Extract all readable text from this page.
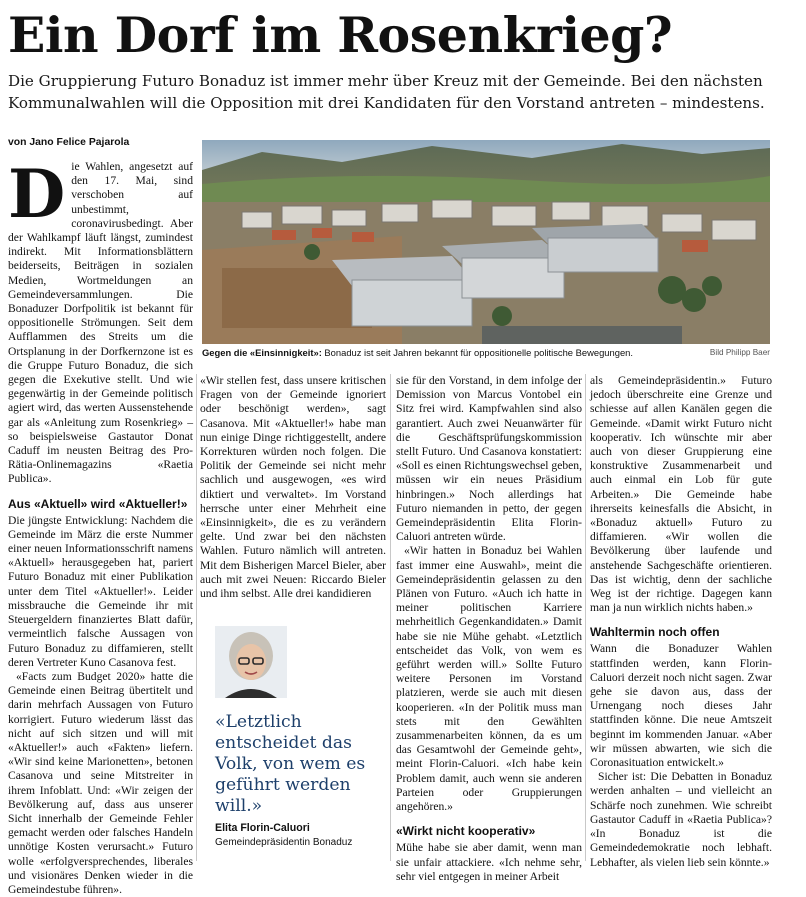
Ein Dorf im Rosenkrieg?
Die Gruppierung Futuro Bonaduz ist immer mehr über Kreuz mit der Gemeinde. Bei den nächsten Kommunalwahlen will die Opposition mit drei Kandidaten für den Vorstand antreten – mindestens.
von Jano Felice Pajarola
Gegen die «Einsinnigkeit»: Bonaduz ist seit Jahren bekannt für oppositionelle politische Bewegungen.	Bild Philipp Baer

Die Wahlen, angesetzt auf den 17. Mai, sind verschoben auf unbestimmt, coronavirusbedingt. Aber der Wahlkampf läuft längst, zumindest indirekt. Mit Informationsblättern beiderseits, Beiträgen in sozialen Medien, Wortmeldungen an Gemeindeversammlungen. Die Bonaduzer Dorfpolitik ist bekannt für oppositionelle Strömungen. Seit dem Aufflammen des Streits um die Ortsplanung in der Dorfkernzone ist es die Gruppe Futuro Bonaduz, die sich gegen die Exekutive stellt. Und wie gegenwärtig in der Gemeinde politisch agiert wird, das werten Aussenstehende gar als «Anleitung zum Rosenkrieg» – so beispielsweise Gastautor Donat Caduff im neusten Beitrag des Pro-Rätia-Onlinemagazins «Raetia Publica».

Aus «Aktuell» wird «Aktueller!»

Die jüngste Entwicklung: Nachdem die Gemeinde im März die erste Nummer einer neuen Informationsschrift namens «Aktuell» herausgegeben hat, pariert Futuro Bonaduz mit einer Publikation unter dem Titel «Aktueller!». Leider missbrauche die Gemeinde ihr mit Steuergeldern finanziertes Blatt dafür, vermeintlich falsche Aussagen von Futuro Bonaduz zu diffamieren, stellt deren Vertreter Kuno Casanova fest.

«Facts zum Budget 2020» hatte die Gemeinde einen Beitrag übertitelt und darin mehrfach Aussagen von Futuro korrigiert. Futuro wiederum lässt das nicht auf sich sitzen und will mit «Aktueller!» auch «Fakten» liefern. «Wir sind keine Marionetten», betonen Casanova und seine Mitstreiter in ihrem Infoblatt. Und: «Wir zeigen der Bevölkerung auf, dass aus unserer Sicht innerhalb der Gemeinde Fehler gemacht werden oder falsches Handeln unnötige Kosten verursacht.» Futuro wolle «erfolgversprechendes, liberales und visionäres Denken wieder in die Gemeindestube führen».

«Wir stellen fest, dass unsere kritischen Fragen von der Gemeinde ignoriert oder beschönigt werden», sagt Casanova. Mit «Aktueller!» habe man nun einige Dinge richtiggestellt, andere Korrekturen würden noch folgen. Die Politik der Gemeinde sei nicht mehr sachlich und ausgewogen, «es wird diktiert und verwaltet». Im Vorstand herrsche unter einer Mehrheit eine «Einsinnigkeit», die es zu verändern gelte. Und zwar bei den nächsten Wahlen. Futuro nämlich will antreten. Mit dem Bisherigen Marcel Bieler, aber auch mit zwei Neuen: Riccardo Bieler und ihm selbst. Alle drei kandidieren

«Letztlich entscheidet das Volk, von wem es geführt werden will.»
Elita Florin-Caluori
Gemeindepräsidentin Bonaduz

sie für den Vorstand, in dem infolge der Demission von Marcus Vontobel ein Sitz frei wird. Kampfwahlen sind also garantiert. Auch zwei Neuanwärter für die Geschäftsprüfungskommission stellt Futuro. Und Casanova konstatiert: «Soll es einen Richtungswechsel geben, müssen wir ein neues Präsidium hinbringen.» Noch allerdings hat Futuro niemanden in petto, der gegen Gemeindepräsidentin Elita Florin-Caluori antreten würde.

«Wir hatten in Bonaduz bei Wahlen fast immer eine Auswahl», meint die Gemeindepräsidentin gelassen zu den Plänen von Futuro. «Auch ich hatte in meiner politischen Karriere mehrheitlich Gegenkandidaten.» Damit habe sie nie Mühe gehabt. «Letztlich entscheidet das Volk, von wem es geführt werden will.» Sollte Futuro weitere Personen im Vorstand platzieren, werde sie auch mit diesen kooperieren. «In der Politik muss man stets mit den Gewählten zusammenarbeiten können, da es um das Gesamtwohl der Gemeinde geht», meint Florin-Caluori. «Ich habe kein Problem damit, auch wenn sie anderen Parteien oder Gruppierungen angehören.»

«Wirkt nicht kooperativ»

Mühe habe sie aber damit, wenn man sie unfair attackiere. «Ich nehme sehr, sehr viel entgegen in meiner Arbeit

als Gemeindepräsidentin.» Futuro jedoch überschreite eine Grenze und schiesse auf allen Kanälen gegen die Gemeinde. «Damit wirkt Futuro nicht kooperativ. Ich wünschte mir aber auch von dieser Gruppierung eine konstruktive Zusammenarbeit und auch einmal ein Lob für gute Arbeiten.» Die Gemeinde habe ihrerseits keinesfalls die Absicht, in «Bonaduz aktuell» Futuro zu diffamieren. «Wir wollen die Bevölkerung über laufende und anstehende Sachgeschäfte orientieren. Das ist wichtig, denn der sachliche Weg ist der richtige. Dagegen kann man ja nun wirklich nichts haben.»

Wahltermin noch offen

Wann die Bonaduzer Wahlen stattfinden werden, kann Florin-Caluori derzeit noch nicht sagen. Zwar gehe sie davon aus, dass der Urnengang noch dieses Jahr stattfinden könne. Die neue Amtszeit beginnt im kommenden Januar. «Aber wir müssen abwarten, wie sich die Coronasituation entwickelt.»

Sicher ist: Die Debatten in Bonaduz werden anhalten – und vielleicht an Schärfe noch zunehmen. Wie schreibt Gastautor Caduff in «Raetia Publica»? «In Bonaduz ist die Gemeindedemokratie noch lebhaft. Lebhafter, als vielen lieb sein könnte.»
